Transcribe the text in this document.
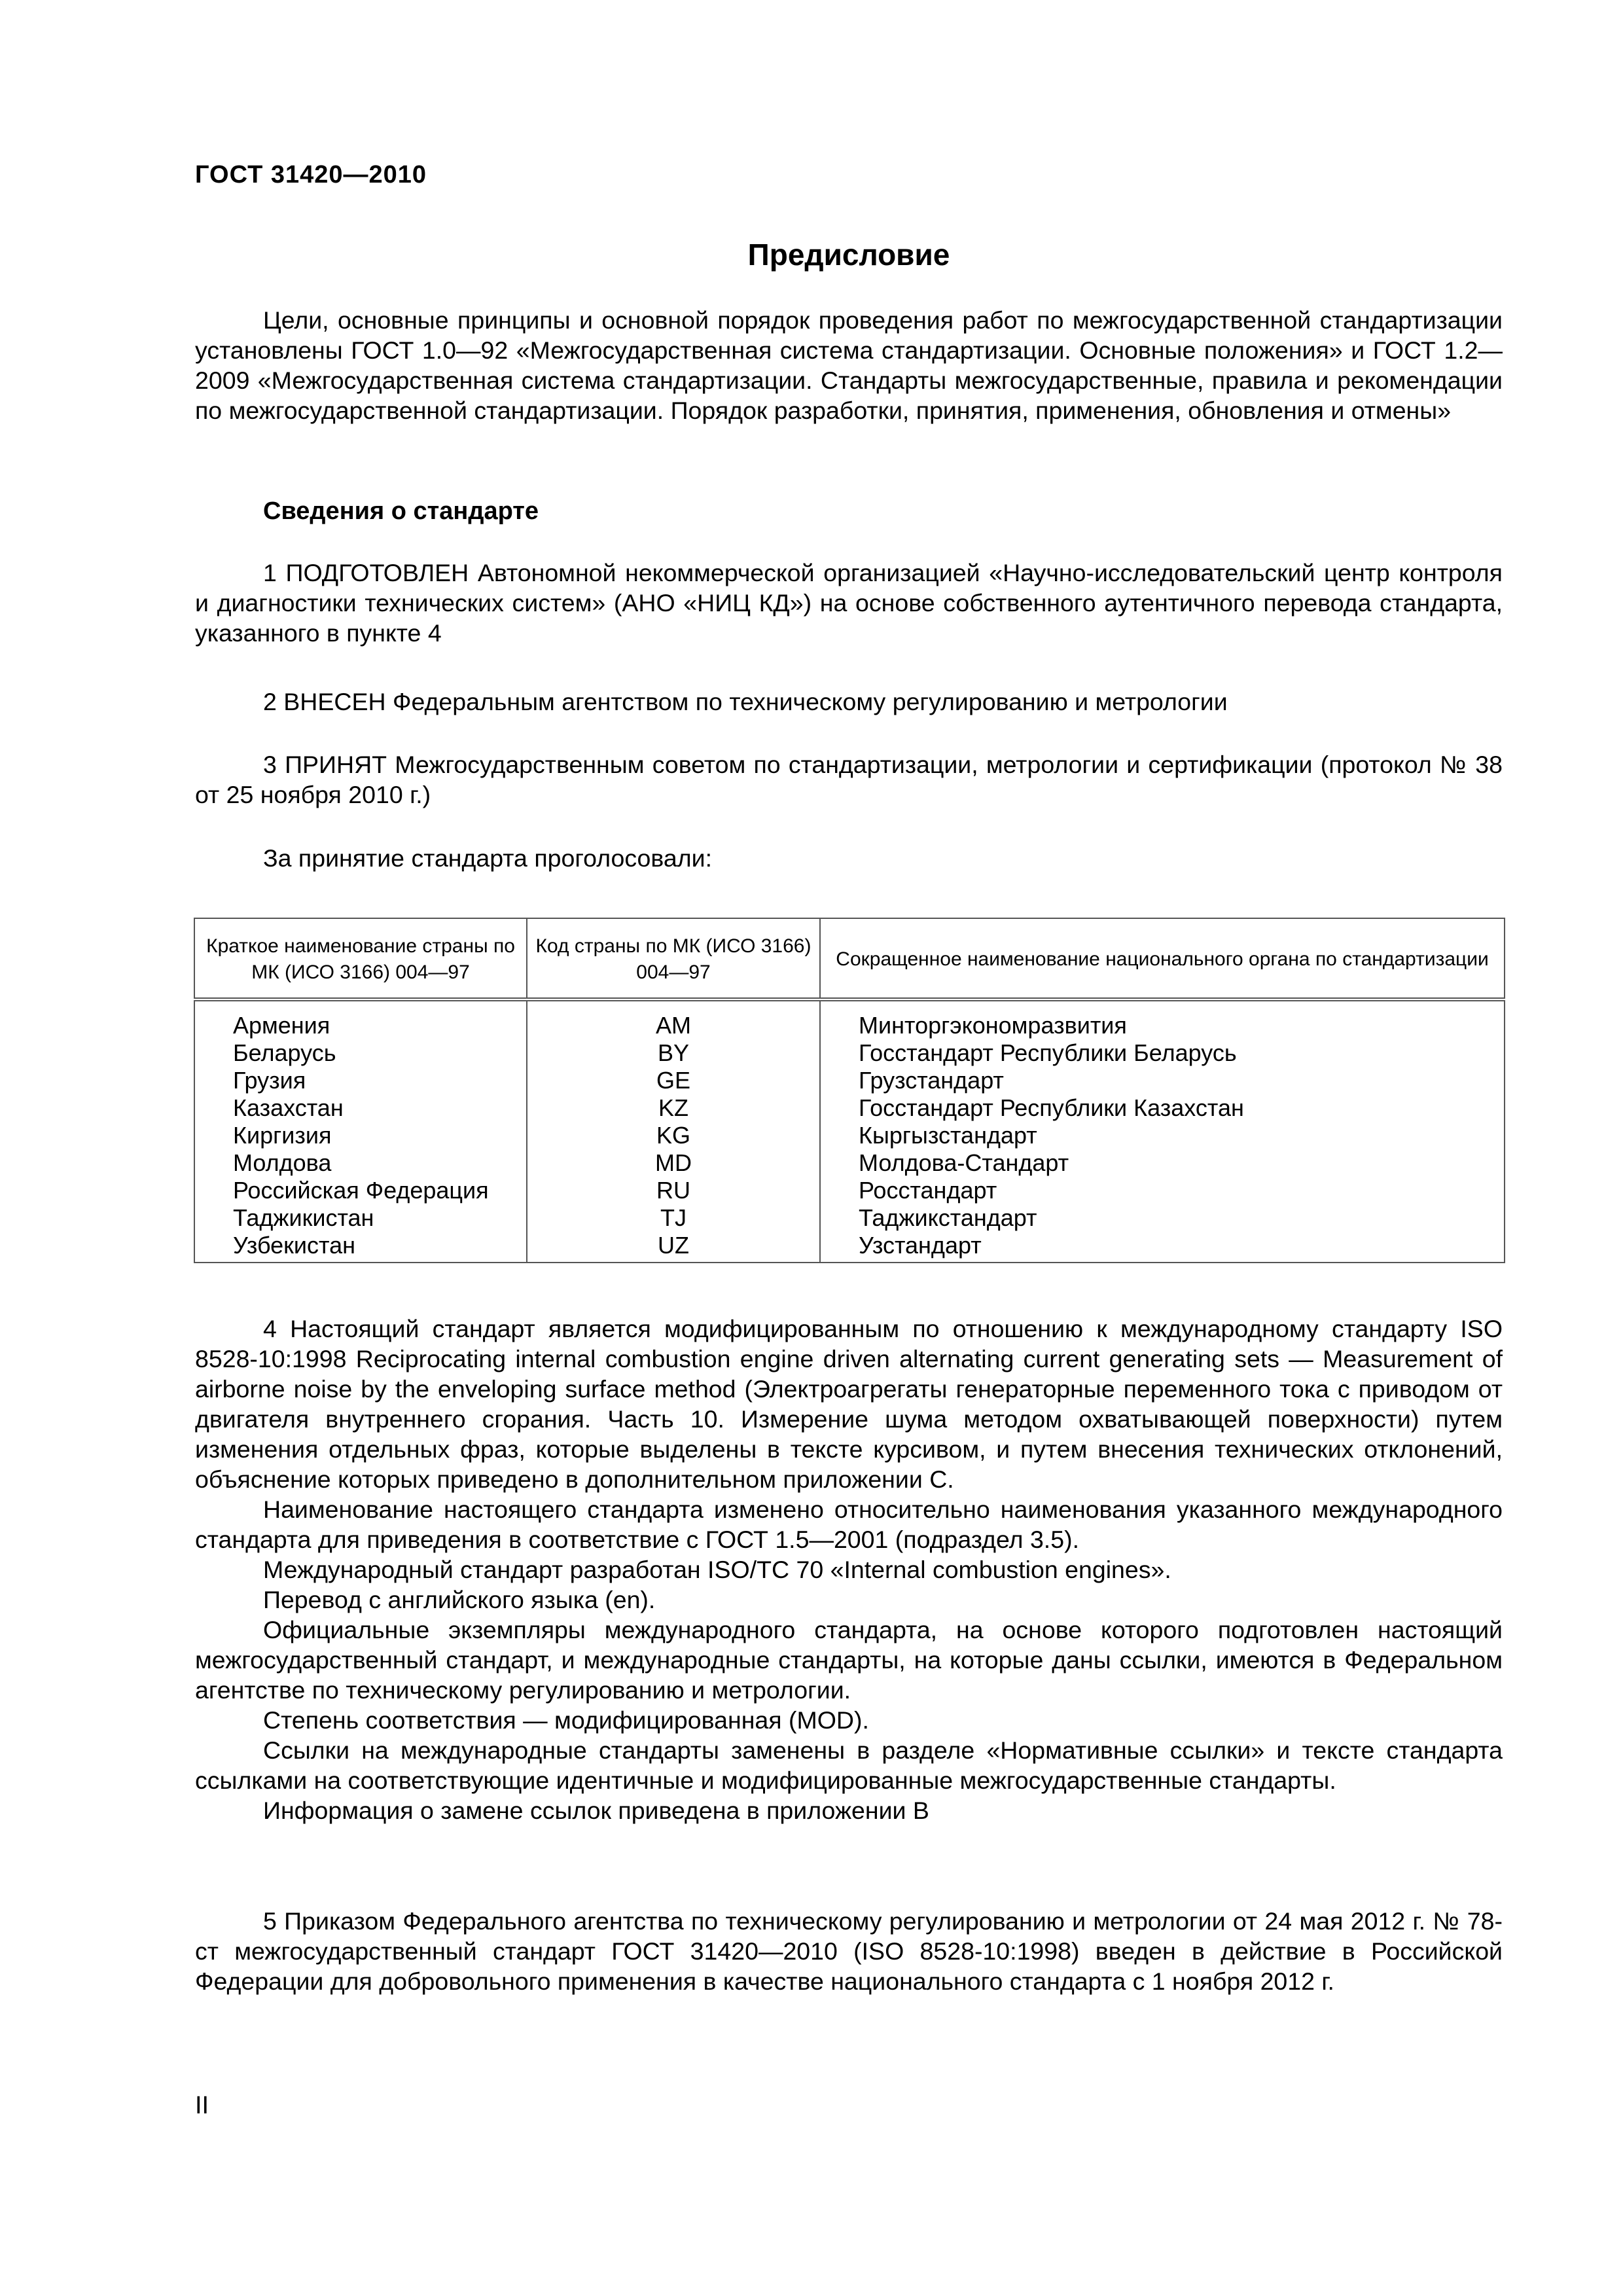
ГОСТ 31420—2010

Предисловие

Цели, основные принципы и основной порядок проведения работ по межгосударственной стандартизации установлены ГОСТ 1.0—92 «Межгосударственная система стандартизации. Основные положения» и ГОСТ 1.2—2009 «Межгосударственная система стандартизации. Стандарты межгосударственные, правила и рекомендации по межгосударственной стандартизации. Порядок разработки, принятия, применения, обновления и отмены»

Сведения о стандарте

1 ПОДГОТОВЛЕН Автономной некоммерческой организацией «Научно-исследовательский центр контроля и диагностики технических систем» (АНО «НИЦ КД») на основе собственного аутентичного перевода стандарта, указанного в пункте 4

2 ВНЕСЕН Федеральным агентством по техническому регулированию и метрологии

3 ПРИНЯТ Межгосударственным советом по стандартизации, метрологии и сертификации (протокол № 38 от 25 ноября 2010 г.)

За принятие стандарта проголосовали:

Краткое наименование страны по МК (ИСО 3166) 004—97	Код страны по МК (ИСО 3166) 004—97	Сокращенное наименование национального органа по стандартизации
Армения	AM	Минторгэкономразвития
Беларусь	BY	Госстандарт Республики Беларусь
Грузия	GE	Грузстандарт
Казахстан	KZ	Госстандарт Республики Казахстан
Киргизия	KG	Кыргызстандарт
Молдова	MD	Молдова-Стандарт
Российская Федерация	RU	Росстандарт
Таджикистан	TJ	Таджикстандарт
Узбекистан	UZ	Узстандарт

4 Настоящий стандарт является модифицированным по отношению к международному стандарту ISO 8528-10:1998 Reciprocating internal combustion engine driven alternating current generating sets — Measurement of airborne noise by the enveloping surface method (Электроагрегаты генераторные переменного тока с приводом от двигателя внутреннего сгорания. Часть 10. Измерение шума методом охватывающей поверхности) путем изменения отдельных фраз, которые выделены в тексте курсивом, и путем внесения технических отклонений, объяснение которых приведено в дополнительном приложении С.

Наименование настоящего стандарта изменено относительно наименования указанного международного стандарта для приведения в соответствие с ГОСТ 1.5—2001 (подраздел 3.5).

Международный стандарт разработан ISO/TC 70 «Internal combustion engines».

Перевод с английского языка (en).

Официальные экземпляры международного стандарта, на основе которого подготовлен настоящий межгосударственный стандарт, и международные стандарты, на которые даны ссылки, имеются в Федеральном агентстве по техническому регулированию и метрологии.

Степень соответствия — модифицированная (MOD).

Ссылки на международные стандарты заменены в разделе «Нормативные ссылки» и тексте стандарта ссылками на соответствующие идентичные и модифицированные межгосударственные стандарты.

Информация о замене ссылок приведена в приложении В

5 Приказом Федерального агентства по техническому регулированию и метрологии от 24 мая 2012 г. № 78-ст межгосударственный стандарт ГОСТ 31420—2010 (ISO 8528-10:1998) введен в действие в Российской Федерации для добровольного применения в качестве национального стандарта с 1 ноября 2012 г.

II
